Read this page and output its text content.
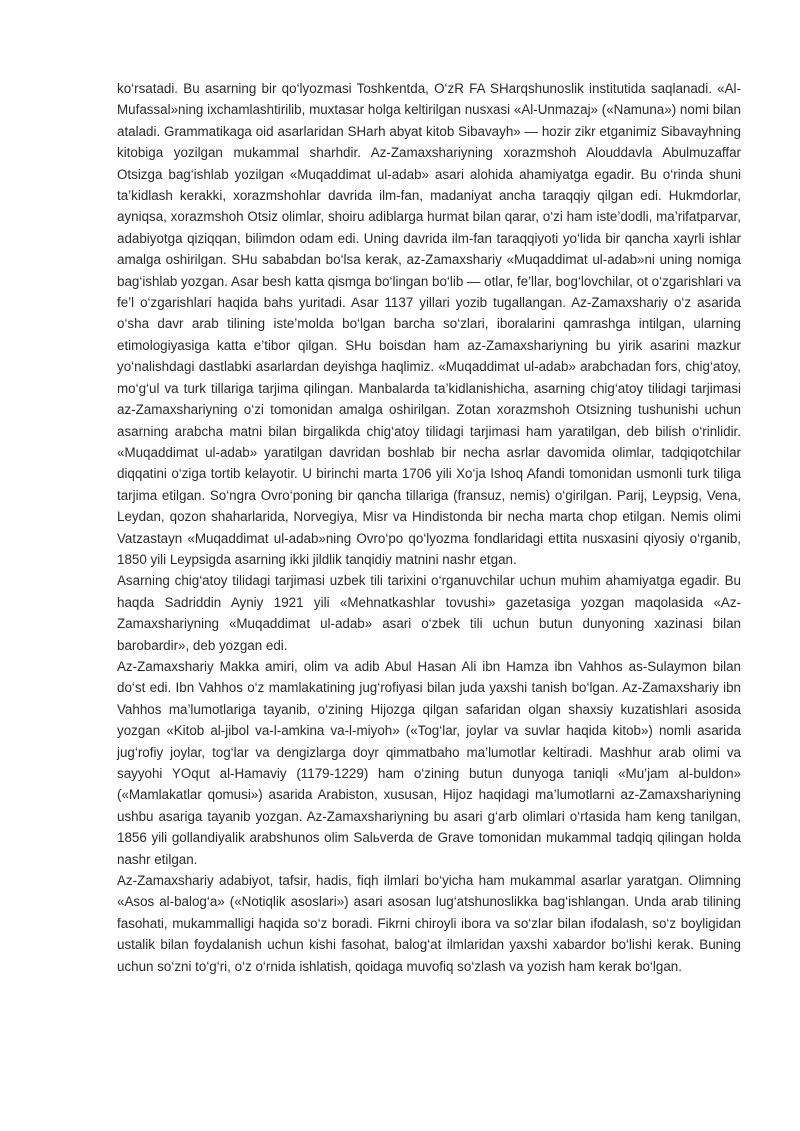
ko‘rsatadi. Bu asarning bir qo‘lyozmasi Toshkentda, O‘zR FA SHarqshunoslik institutida saqlanadi. «Al-Mufassal»ning ixchamlashtirilib, muxtasar holga keltirilgan nusxasi «Al-Unmazaj» («Namuna») nomi bilan ataladi. Grammatikaga oid asarlaridan SHarh abyat kitob Sibavayh» — hozir zikr etganimiz Sibavayhning kitobiga yozilgan mukammal sharhdir. Az-Zamaxshariyning xorazmshoh Alouddavla Abulmuzaffar Otsizga bag‘ishlab yozilgan «Muqaddimat ul-adab» asari alohida ahamiyatga egadir. Bu o‘rinda shuni ta’kidlash kerakki, xorazmshohlar davrida ilm-fan, madaniyat ancha taraqqiy qilgan edi. Hukmdorlar, ayniqsa, xorazmshoh Otsiz olimlar, shoiru adiblarga hurmat bilan qarar, o‘zi ham iste’dodli, ma’rifatparvar, adabiyotga qiziqqan, bilimdon odam edi. Uning davrida ilm-fan taraqqiyoti yo‘lida bir qancha xayrli ishlar amalga oshirilgan. SHu sababdan bo‘lsa kerak, az-Zamaxshariy «Muqaddimat ul-adab»ni uning nomiga bag‘ishlab yozgan. Asar besh katta qismga bo‘lingan bo‘lib — otlar, fe’llar, bog‘lovchilar, ot o‘zgarishlari va fe’l o‘zgarishlari haqida bahs yuritadi. Asar 1137 yillari yozib tugallangan. Az-Zamaxshariy o‘z asarida o‘sha davr arab tilining iste’molda bo‘lgan barcha so‘zlari, iboralarini qamrashga intilgan, ularning etimologiyasiga katta e’tibor qilgan. SHu boisdan ham az-Zamaxshariyning bu yirik asarini mazkur yo‘nalishdagi dastlabki asarlardan deyishga haqlimiz. «Muqaddimat ul-adab» arabchadan fors, chig‘atoy, mo‘g‘ul va turk tillariga tarjima qilingan. Manbalarda ta’kidlanishicha, asarning chig‘atoy tilidagi tarjimasi az-Zamaxshariyning o‘zi tomonidan amalga oshirilgan. Zotan xorazmshoh Otsizning tushunishi uchun asarning arabcha matni bilan birgalikda chig‘atoy tilidagi tarjimasi ham yaratilgan, deb bilish o‘rinlidir. «Muqaddimat ul-adab» yaratilgan davridan boshlab bir necha asrlar davomida olimlar, tadqiqotchilar diqqatini o‘ziga tortib kelayotir. U birinchi marta 1706 yili Xo‘ja Ishoq Afandi tomonidan usmonli turk tiliga tarjima etilgan. So‘ngra Ovro‘poning bir qancha tillariga (fransuz, nemis) o‘girilgan. Parij, Leypsig, Vena, Leydan, qozon shaharlarida, Norvegiya, Misr va Hindistonda bir necha marta chop etilgan. Nemis olimi Vatzastayn «Muqaddimat ul-adab»ning Ovro‘po qo‘lyozma fondlaridagi ettita nusxasini qiyosiy o‘rganib, 1850 yili Leypsigda asarning ikki jildlik tanqidiy matnini nashr etgan.

Asarning chig‘atoy tilidagi tarjimasi uzbek tili tarixini o‘rganuvchilar uchun muhim ahamiyatga egadir. Bu haqda Sadriddin Ayniy 1921 yili «Mehnatkashlar tovushi» gazetasiga yozgan maqolasida «Az-Zamaxshariyning «Muqaddimat ul-adab» asari o‘zbek tili uchun butun dunyoning xazinasi bilan barobardir», deb yozgan edi.

Az-Zamaxshariy Makka amiri, olim va adib Abul Hasan Ali ibn Hamza ibn Vahhos as-Sulaymon bilan do‘st edi. Ibn Vahhos o‘z mamlakatining jug‘rofiyasi bilan juda yaxshi tanish bo‘lgan. Az-Zamaxshariy ibn Vahhos ma’lumotlariga tayanib, o‘zining Hijozga qilgan safaridan olgan shaxsiy kuzatishlari asosida yozgan «Kitob al-jibol va-l-amkina va-l-miyoh» («Tog‘lar, joylar va suvlar haqida kitob») nomli asarida jug‘rofiy joylar, tog‘lar va dengizlarga doyr qimmatbaho ma’lumotlar keltiradi. Mashhur arab olimi va sayyohi YOqut al-Hamaviy (1179-1229) ham o‘zining butun dunyoga taniqli «Mu’jam al-buldon» («Mamlakatlar qomusi») asarida Arabiston, xususan, Hijoz haqidagi ma’lumotlarni az-Zamaxshariyning ushbu asariga tayanib yozgan. Az-Zamaxshariyning bu asari g‘arb olimlari o‘rtasida ham keng tanilgan, 1856 yili gollandiyalik arabshunos olim Salьverda de Grave tomonidan mukammal tadqiq qilingan holda nashr etilgan.

Az-Zamaxshariy adabiyot, tafsir, hadis, fiqh ilmlari bo‘yicha ham mukammal asarlar yaratgan. Olimning «Asos al-balog‘a» («Notiqlik asoslari») asari asosan lug‘atshunoslikka bag‘ishlangan. Unda arab tilining fasohati, mukammalligi haqida so‘z boradi. Fikrni chiroyli ibora va so‘zlar bilan ifodalash, so‘z boyligidan ustalik bilan foydalanish uchun kishi fasohat, balog‘at ilmlaridan yaxshi xabardor bo‘lishi kerak. Buning uchun so‘zni to‘g‘ri, o‘z o‘rnida ishlatish, qoidaga muvofiq so‘zlash va yozish ham kerak bo‘lgan.
